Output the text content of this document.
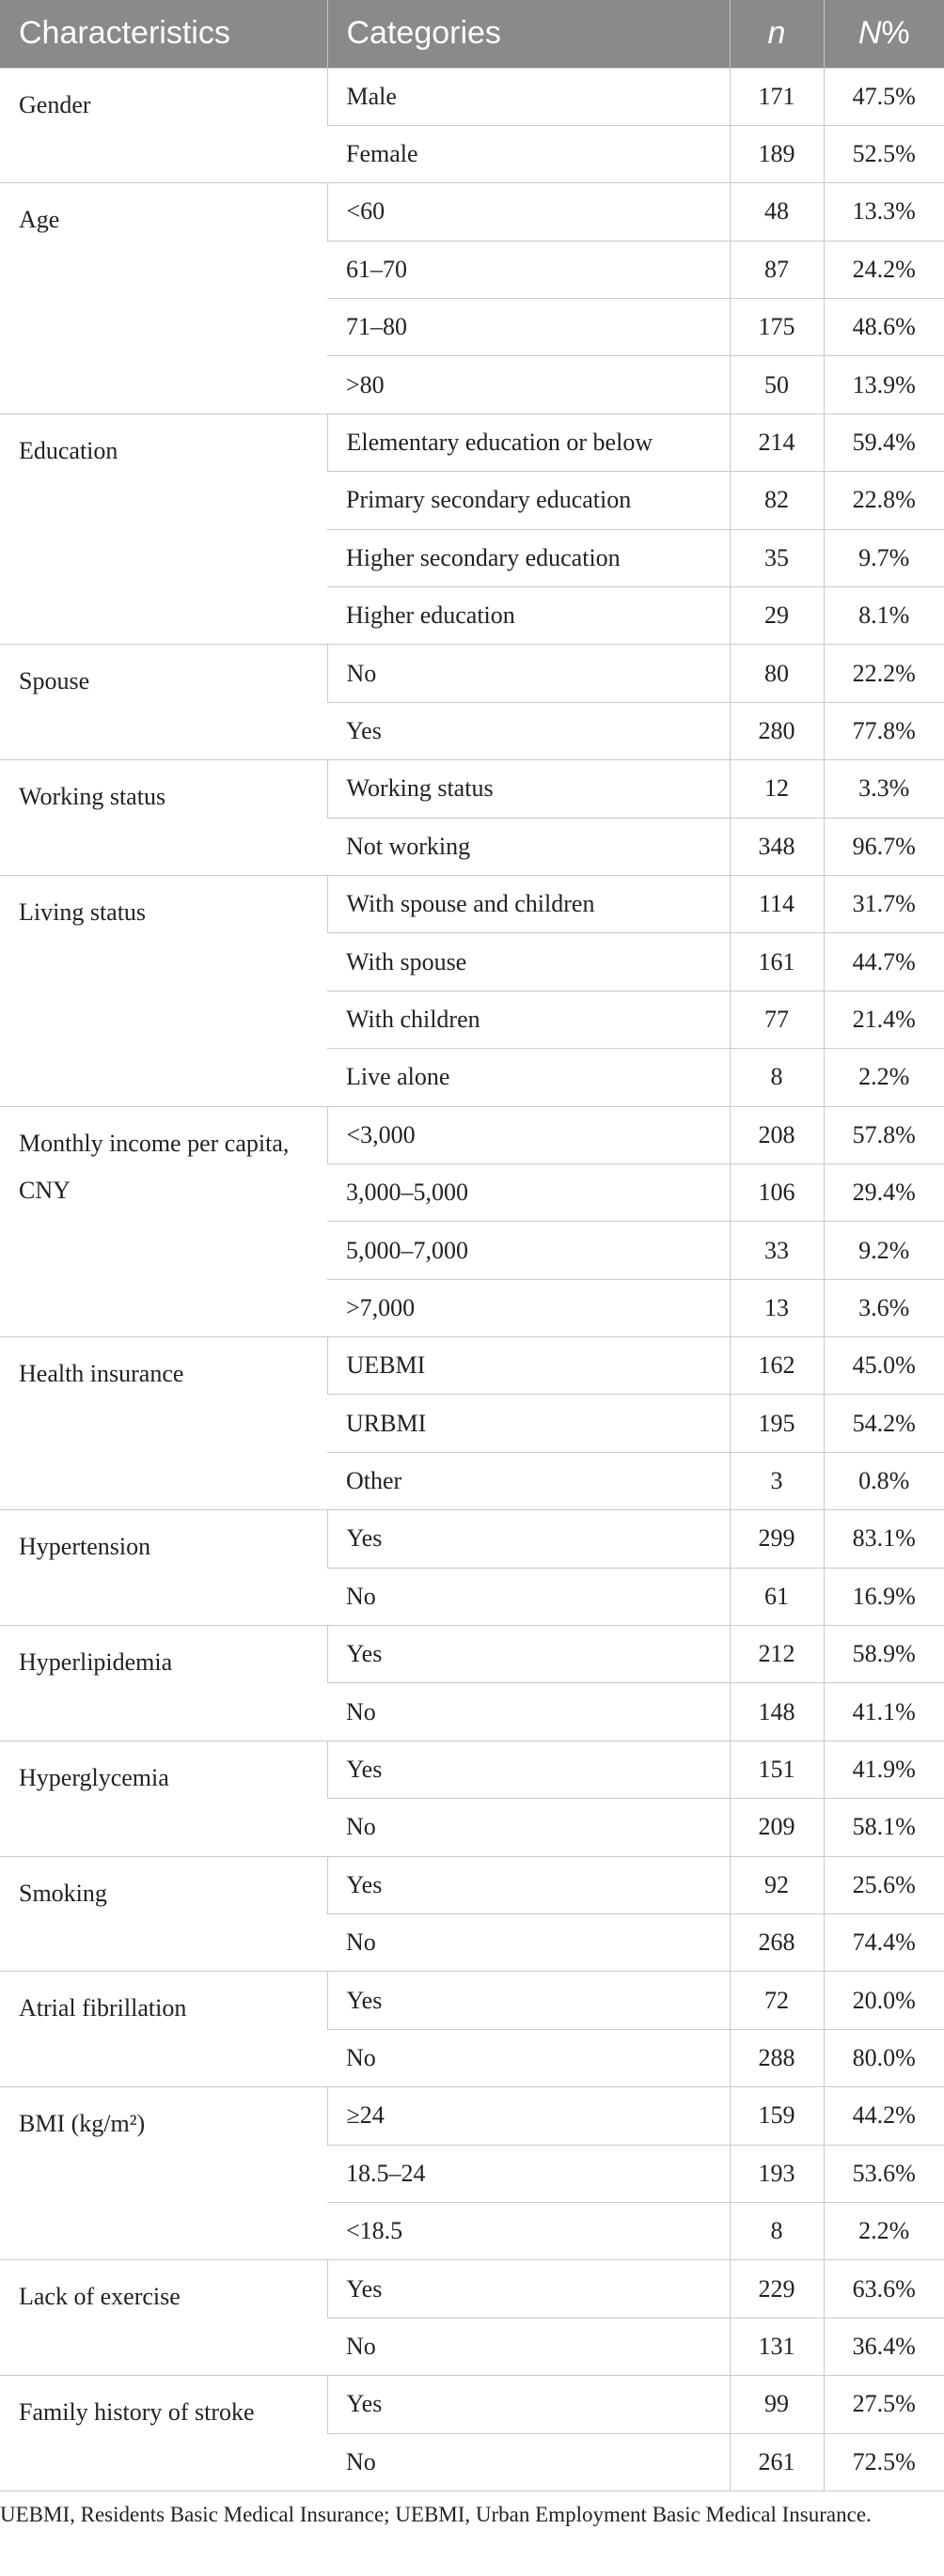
Characteristics	Categories	n	N%
Gender	Male	171	47.5%
	Female	189	52.5%
Age	<60	48	13.3%
	61–70	87	24.2%
	71–80	175	48.6%
	>80	50	13.9%
Education	Elementary education or below	214	59.4%
	Primary secondary education	82	22.8%
	Higher secondary education	35	9.7%
	Higher education	29	8.1%
Spouse	No	80	22.2%
	Yes	280	77.8%
Working status	Working status	12	3.3%
	Not working	348	96.7%
Living status	With spouse and children	114	31.7%
	With spouse	161	44.7%
	With children	77	21.4%
	Live alone	8	2.2%
Monthly income per capita, CNY	<3,000	208	57.8%
	3,000–5,000	106	29.4%
	5,000–7,000	33	9.2%
	>7,000	13	3.6%
Health insurance	UEBMI	162	45.0%
	URBMI	195	54.2%
	Other	3	0.8%
Hypertension	Yes	299	83.1%
	No	61	16.9%
Hyperlipidemia	Yes	212	58.9%
	No	148	41.1%
Hyperglycemia	Yes	151	41.9%
	No	209	58.1%
Smoking	Yes	92	25.6%
	No	268	74.4%
Atrial fibrillation	Yes	72	20.0%
	No	288	80.0%
BMI (kg/m²)	≥24	159	44.2%
	18.5–24	193	53.6%
	<18.5	8	2.2%
Lack of exercise	Yes	229	63.6%
	No	131	36.4%
Family history of stroke	Yes	99	27.5%
	No	261	72.5%

UEBMI, Residents Basic Medical Insurance; UEBMI, Urban Employment Basic Medical Insurance.
